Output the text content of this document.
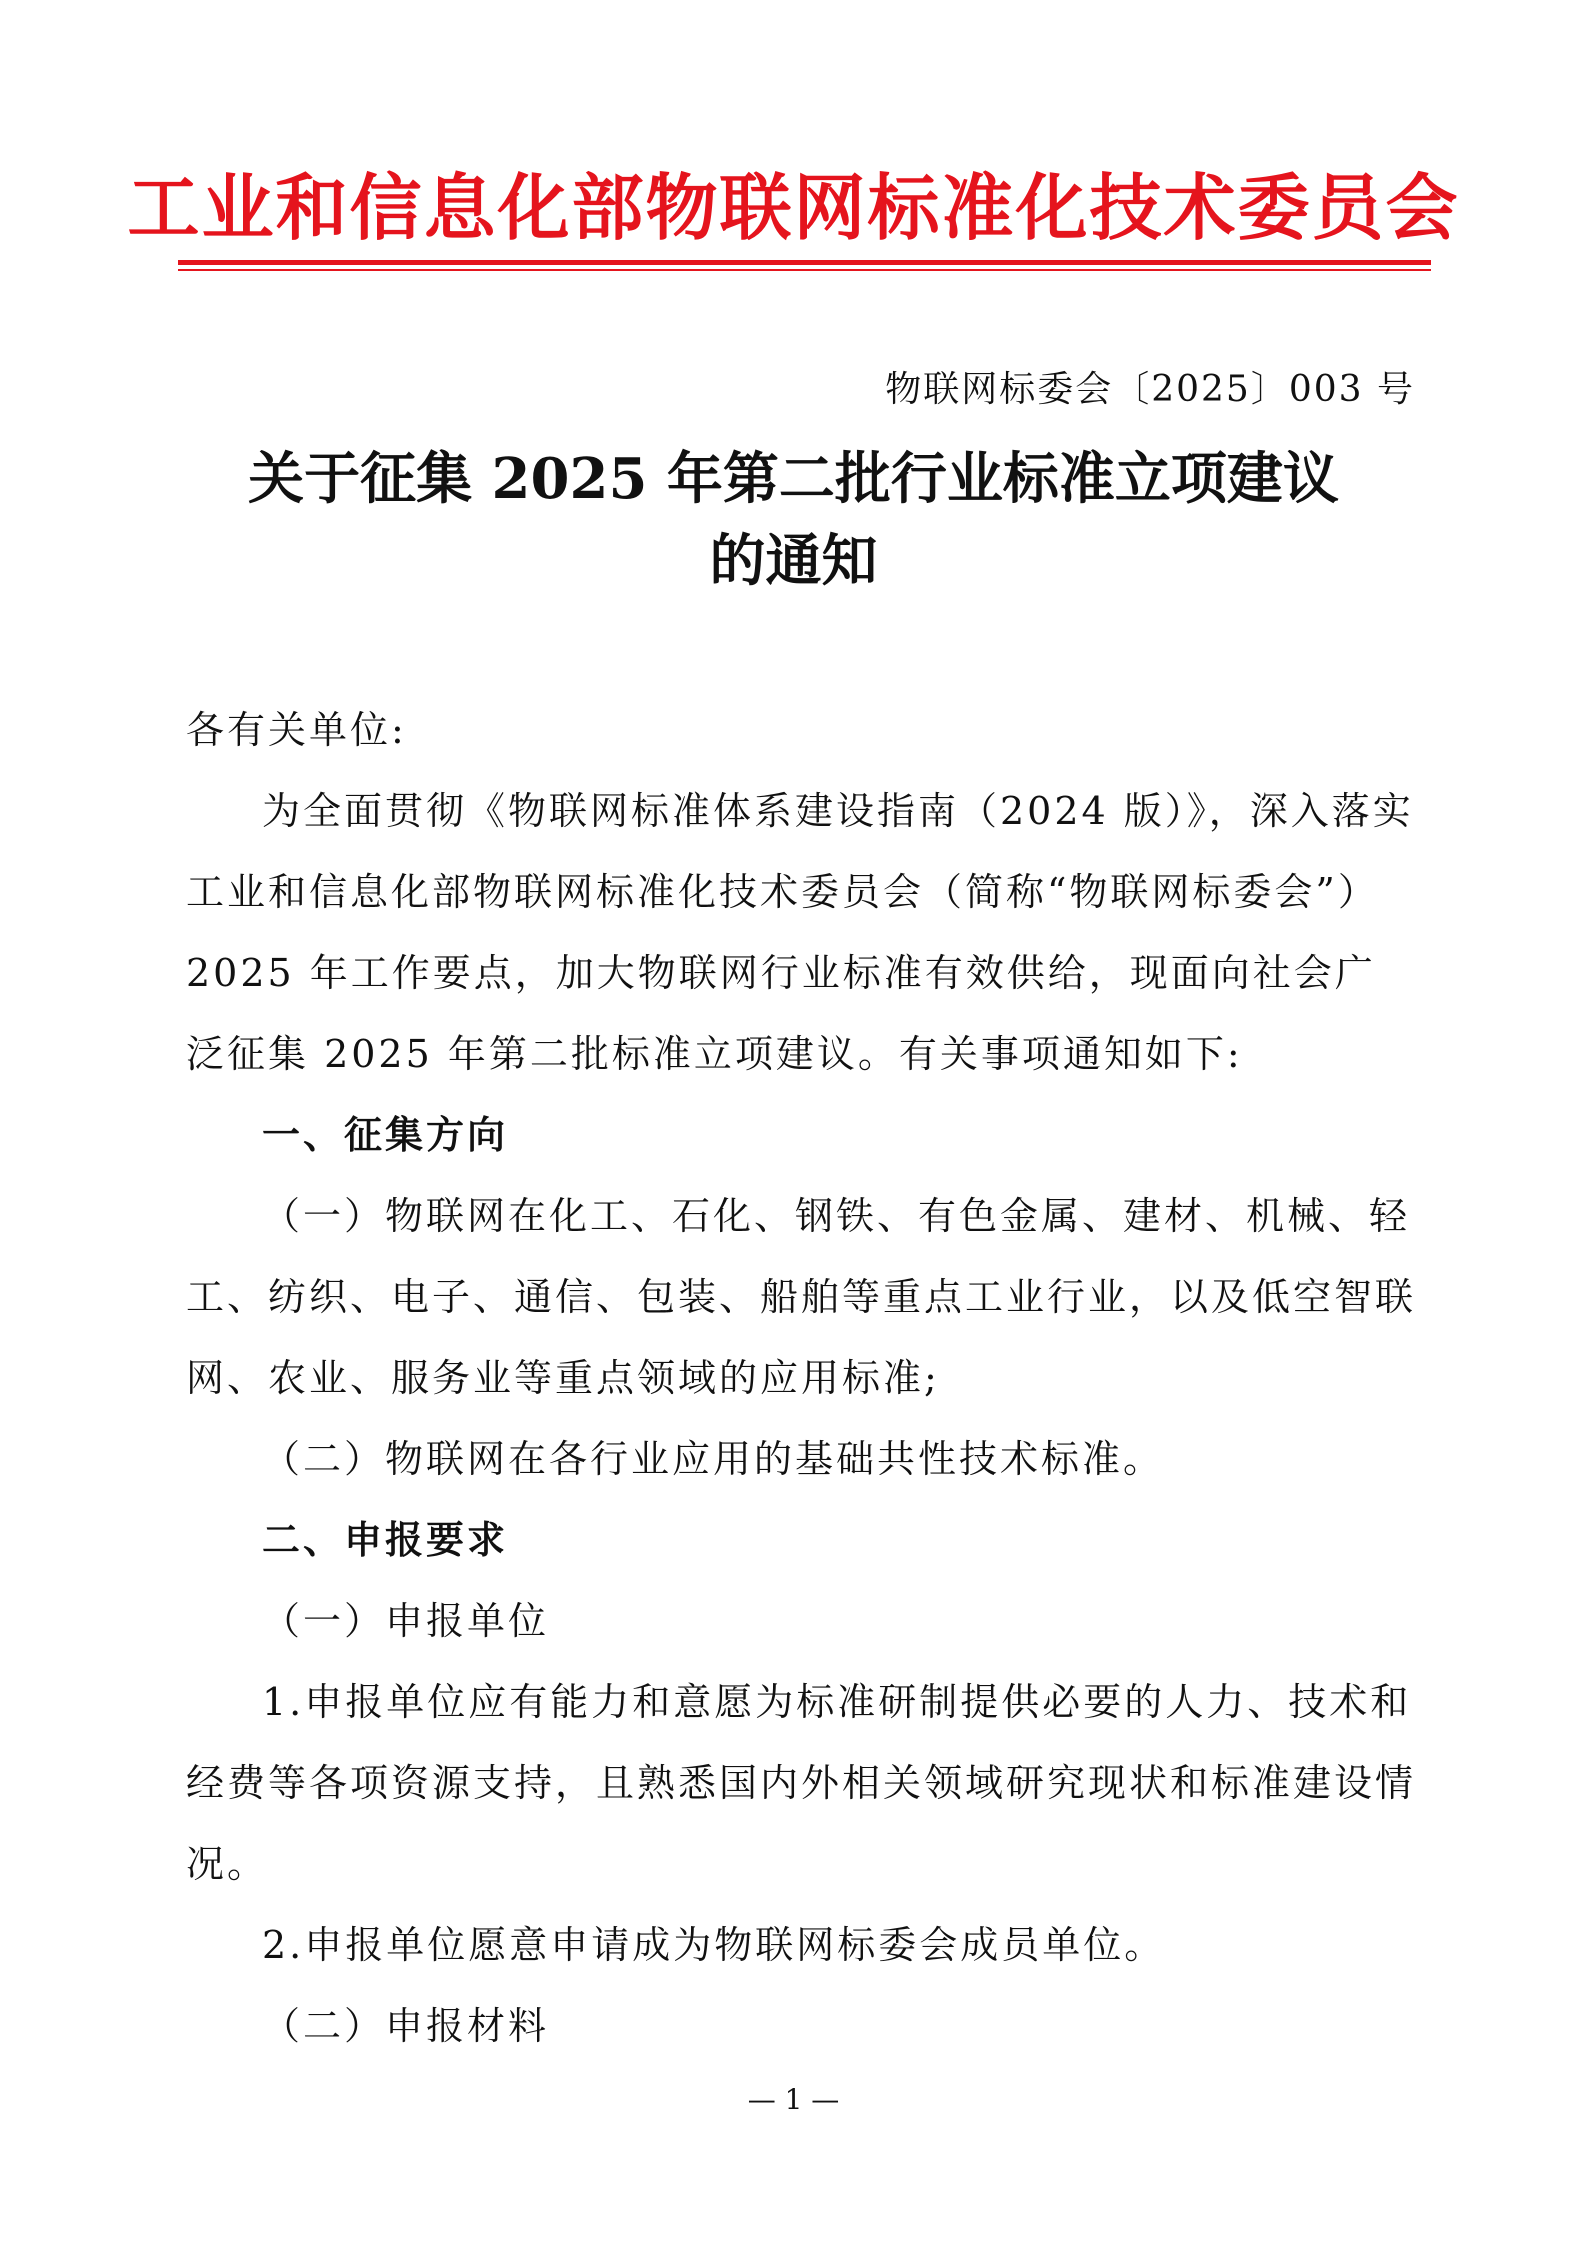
工业和信息化部物联网标准化技术委员会
物联网标委会〔2025〕003 号
关于征集 2025 年第二批行业标准立项建议
的通知

各有关单位:

为全面贯彻《物联网标准体系建设指南（2024 版）》，深入落实工业和信息化部物联网标准化技术委员会（简称“物联网标委会”）2025 年工作要点，加大物联网行业标准有效供给，现面向社会广泛征集 2025 年第二批标准立项建议。有关事项通知如下:

一、征集方向

（一）物联网在化工、石化、钢铁、有色金属、建材、机械、轻工、纺织、电子、通信、包装、船舶等重点工业行业，以及低空智联网、农业、服务业等重点领域的应用标准;

（二）物联网在各行业应用的基础共性技术标准。

二、申报要求

（一）申报单位

1.申报单位应有能力和意愿为标准研制提供必要的人力、技术和经费等各项资源支持，且熟悉国内外相关领域研究现状和标准建设情况。

2.申报单位愿意申请成为物联网标委会成员单位。

（二）申报材料

— 1 —
